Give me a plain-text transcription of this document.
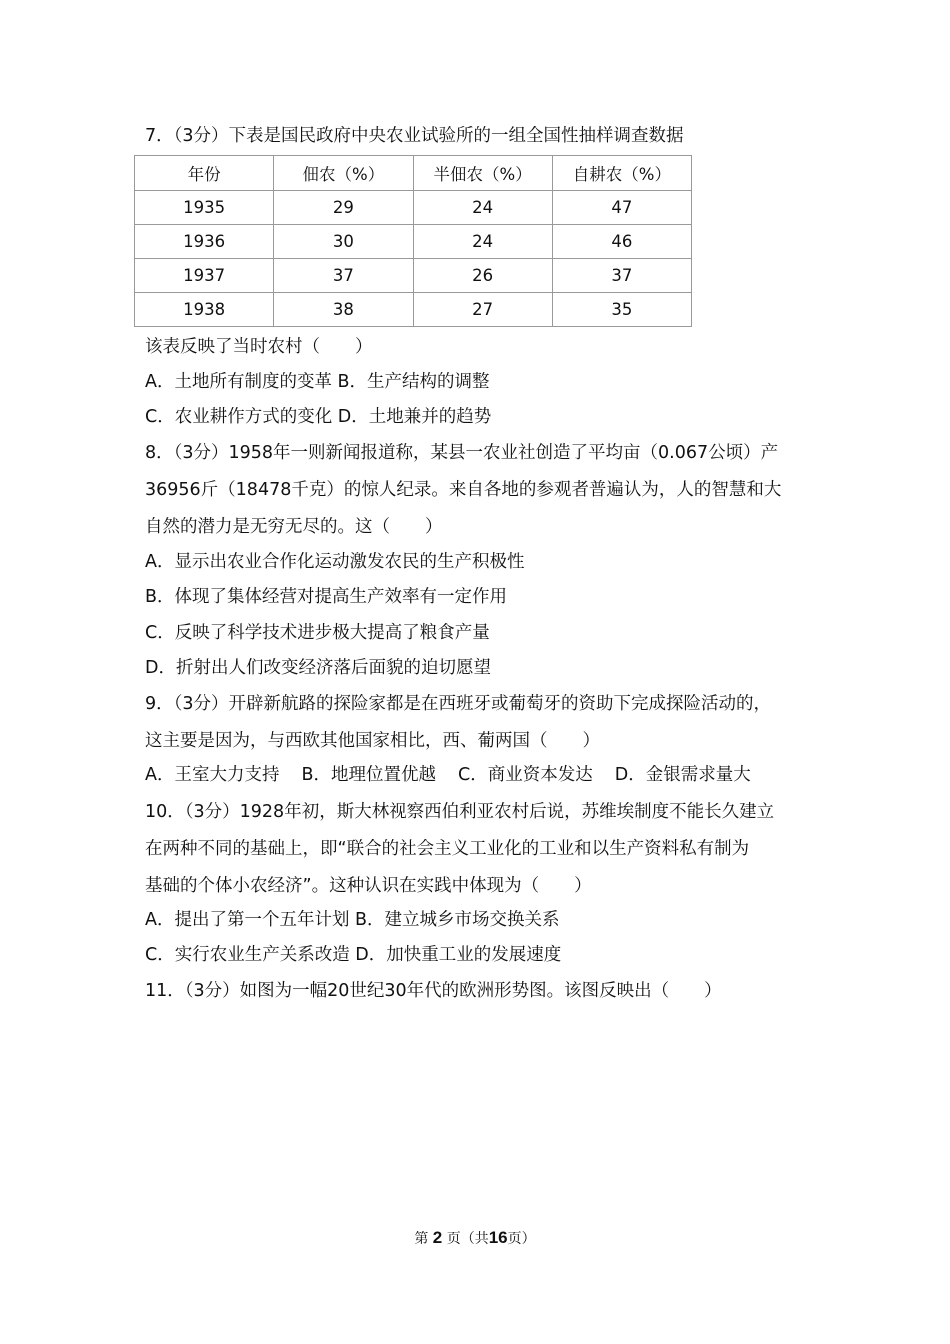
7．（3分）下表是国民政府中央农业试验所的一组全国性抽样调查数据
年份	佃农（%）	半佃农（%）	自耕农（%）
1935	29	24	47
1936	30	24	46
1937	37	26	37
1938	38	27	35
该表反映了当时农村（　　）
A．土地所有制度的变革 B．生产结构的调整
C．农业耕作方式的变化 D．土地兼并的趋势
8．（3分）1958年一则新闻报道称，某县一农业社创造了平均亩（0.067公顷）产
36956斤（18478千克）的惊人纪录。来自各地的参观者普遍认为，人的智慧和大
自然的潜力是无穷无尽的。这（　　）
A．显示出农业合作化运动激发农民的生产积极性
B．体现了集体经营对提高生产效率有一定作用
C．反映了科学技术进步极大提高了粮食产量
D．折射出人们改变经济落后面貌的迫切愿望
9．（3分）开辟新航路的探险家都是在西班牙或葡萄牙的资助下完成探险活动的，
这主要是因为，与西欧其他国家相比，西、葡两国（　　）
A．王室大力支持 B．地理位置优越 C．商业资本发达 D．金银需求量大
10．（3分）1928年初，斯大林视察西伯利亚农村后说，苏维埃制度不能长久建立
在两种不同的基础上，即“联合的社会主义工业化的工业和以生产资料私有制为
基础的个体小农经济”。这种认识在实践中体现为（　　）
A．提出了第一个五年计划 B．建立城乡市场交换关系
C．实行农业生产关系改造 D．加快重工业的发展速度
11．（3分）如图为一幅20世纪30年代的欧洲形势图。该图反映出（　　）
第 2 页（共16页）
